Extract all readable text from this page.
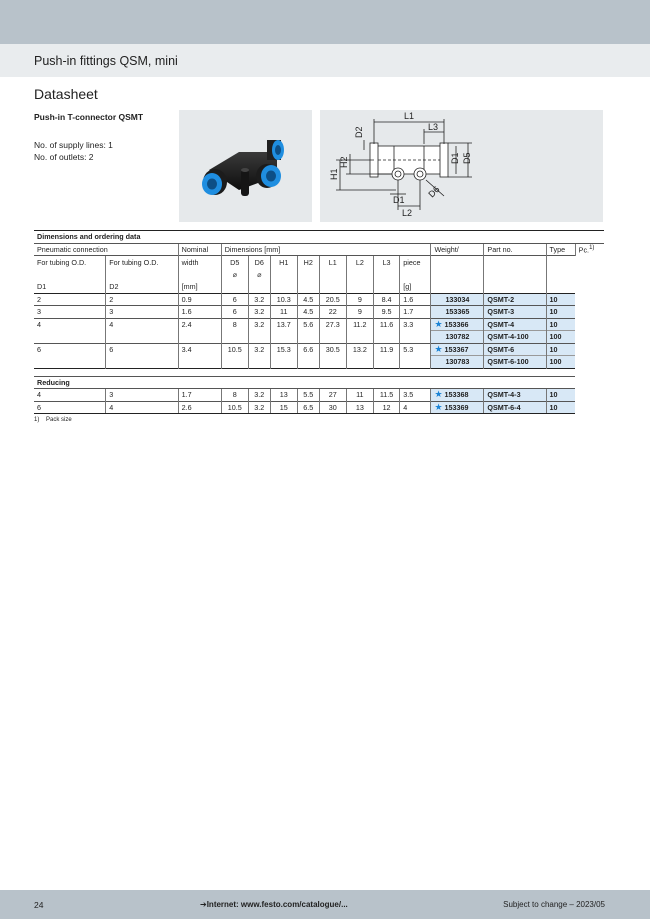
Push-in fittings QSM, mini
Datasheet
Push-in T-connector QSMT
No. of supply lines: 1
No. of outlets: 2
L1
L3
D2
D1 D5
H1
H2
D6
D1
L2
Dimensions and ordering data														
Pneumatic connection		Nominal	Dimensions [mm]								Weight/	Part no.	Type	Pc.$^{1)}$
For tubing O.D.	For tubing O.D.	width	D5	D6	H1	H2	L1	L2	L3	piece				
			⌀	⌀										
D1	D2	[mm]								[g]				
2	2	0.9	6	3.2	10.3	4.5	20.5	9	8.4	1.6	133034	QSMT-2	10	
3	3	1.6	6	3.2	11	4.5	22	9	9.5	1.7	153365	QSMT-3	10	
4	4	2.4	8	3.2	13.7	5.6	27.3	11.2	11.6	3.3	★ 153366	QSMT-4	10	
											130782	QSMT-4-100	100	
6	6	3.4	10.5	3.2	15.3	6.6	30.5	13.2	11.9	5.3	★ 153367	QSMT-6	10	
											130783	QSMT-6-100	100	

Reducing														
4	3	1.7	8	3.2	13	5.5	27	11	11.5	3.5	★ 153368	QSMT-4-3	10	
6	4	2.6	10.5	3.2	15	6.5	30	13	12	4	★ 153369	QSMT-6-4	10	
1) Pack size
24	➔Internet: www.festo.com/catalogue/...	Subject to change – 2023/05
